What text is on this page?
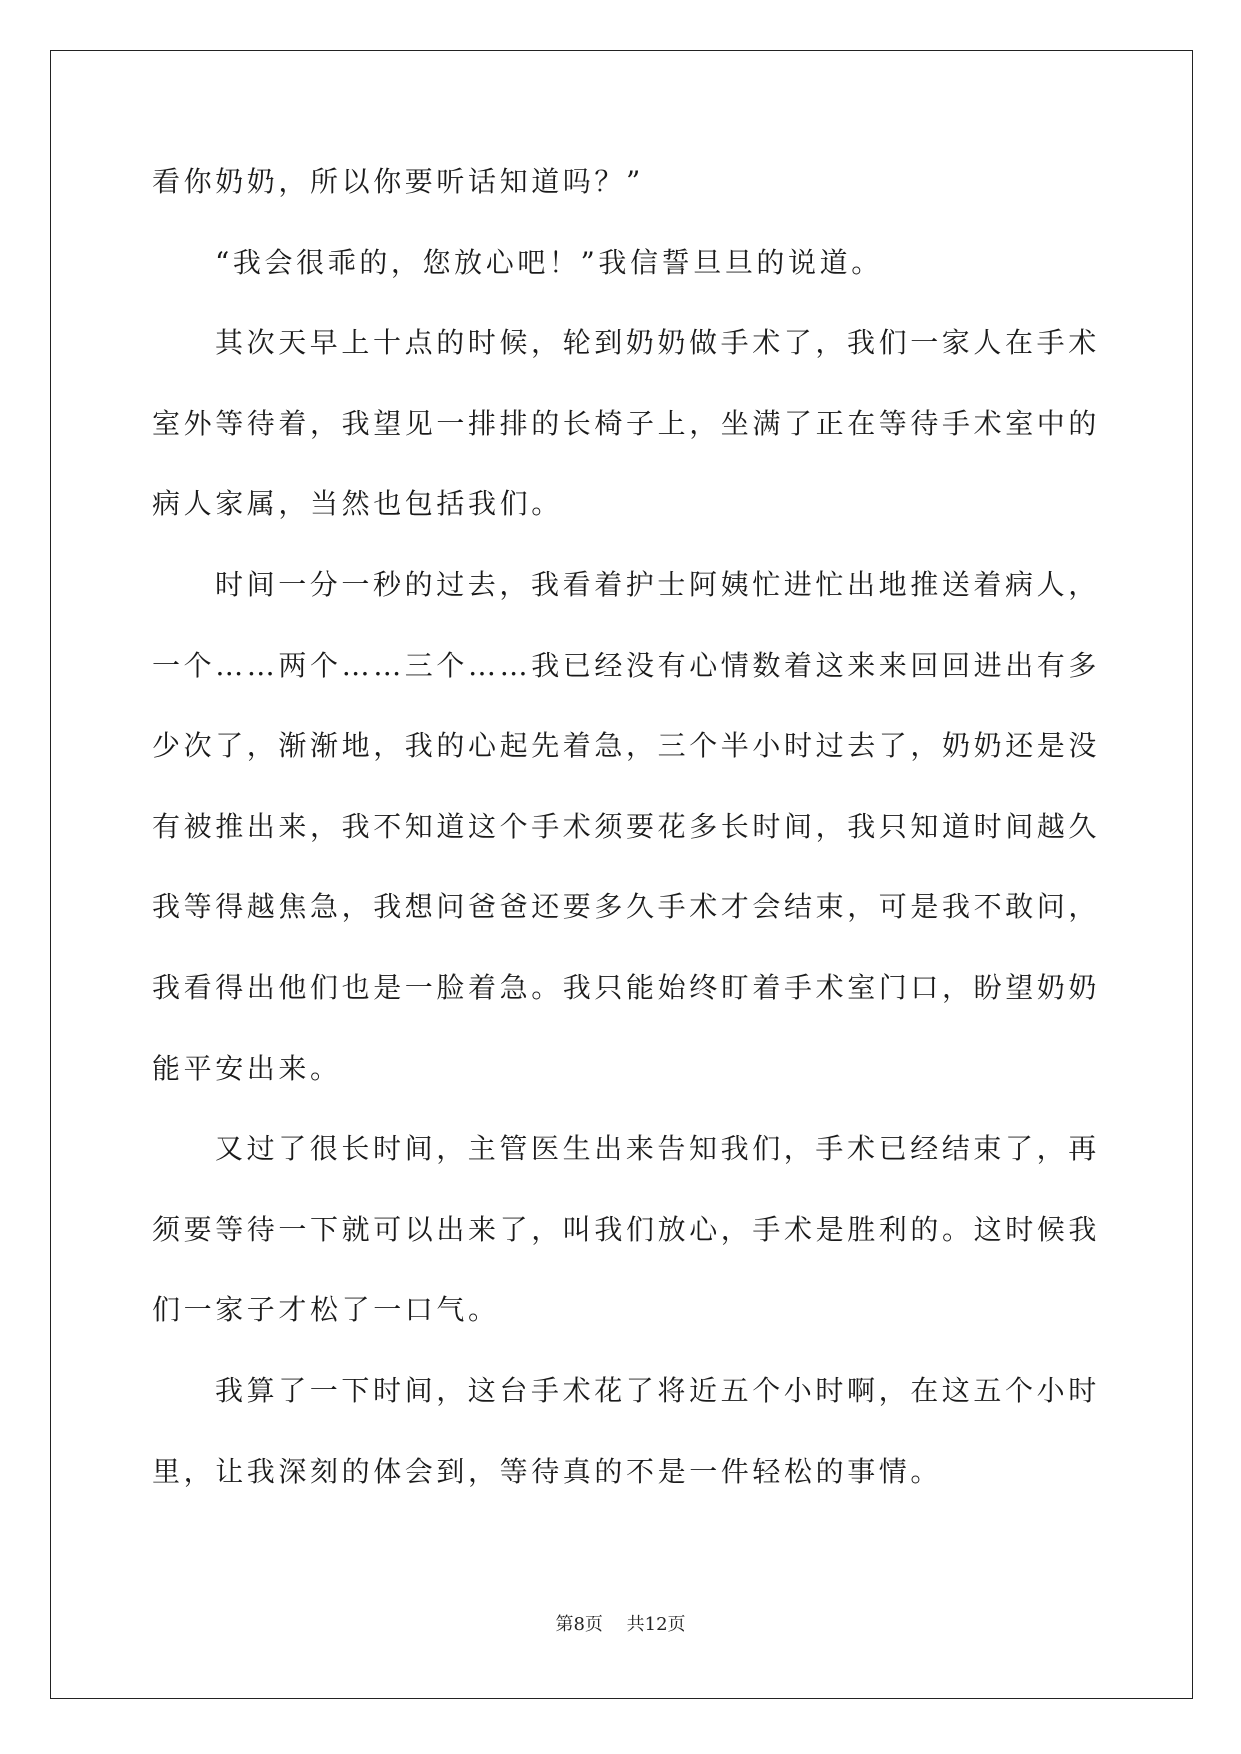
看你奶奶，所以你要听话知道吗？”
“我会很乖的，您放心吧！”我信誓旦旦的说道。
其次天早上十点的时候，轮到奶奶做手术了，我们一家人在手术
室外等待着，我望见一排排的长椅子上，坐满了正在等待手术室中的
病人家属，当然也包括我们。
时间一分一秒的过去，我看着护士阿姨忙进忙出地推送着病人，
一个……两个……三个……我已经没有心情数着这来来回回进出有多
少次了，渐渐地，我的心起先着急，三个半小时过去了，奶奶还是没
有被推出来，我不知道这个手术须要花多长时间，我只知道时间越久
我等得越焦急，我想问爸爸还要多久手术才会结束，可是我不敢问，
我看得出他们也是一脸着急。我只能始终盯着手术室门口，盼望奶奶
能平安出来。
又过了很长时间，主管医生出来告知我们，手术已经结束了，再
须要等待一下就可以出来了，叫我们放心，手术是胜利的。这时候我
们一家子才松了一口气。
我算了一下时间，这台手术花了将近五个小时啊，在这五个小时
里，让我深刻的体会到，等待真的不是一件轻松的事情。
第8页 共12页
